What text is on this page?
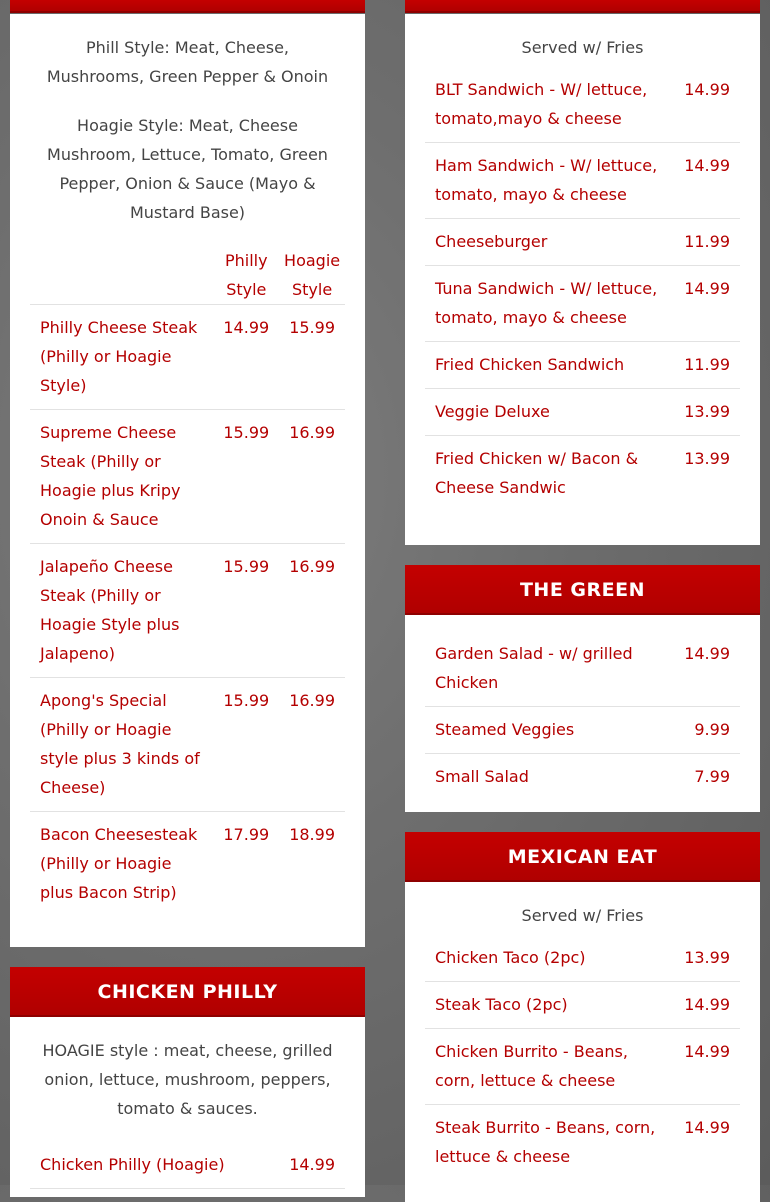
Phill Style: Meat, Cheese, Mushrooms, Green Pepper & Onoin

Hoagie Style: Meat, Cheese Mushroom, Lettuce, Tomato, Green Pepper, Onion & Sauce (Mayo & Mustard Base)

	Philly Style	Hoagie Style
Philly Cheese Steak (Philly or Hoagie Style)	14.99	15.99
Supreme Cheese Steak (Philly or Hoagie plus Kripy Onoin & Sauce	15.99	16.99
Jalapeño Cheese Steak (Philly or Hoagie Style plus Jalapeno)	15.99	16.99
Apong's Special (Philly or Hoagie style plus 3 kinds of Cheese)	15.99	16.99
Bacon Cheesesteak (Philly or Hoagie plus Bacon Strip)	17.99	18.99
CHICKEN PHILLY

HOAGIE style : meat, cheese, grilled onion, lettuce, mushroom, peppers, tomato & sauces.

Chicken Philly (Hoagie)	14.99

Served w/ Fries

BLT Sandwich - W/ lettuce, tomato,mayo & cheese	14.99
Ham Sandwich - W/ lettuce, tomato, mayo & cheese	14.99
Cheeseburger	11.99
Tuna Sandwich - W/ lettuce, tomato, mayo & cheese	14.99
Fried Chicken Sandwich	11.99
Veggie Deluxe	13.99
Fried Chicken w/ Bacon & Cheese Sandwic	13.99
THE GREEN
Garden Salad - w/ grilled Chicken	14.99
Steamed Veggies	9.99
Small Salad	7.99
MEXICAN EAT

Served w/ Fries

Chicken Taco (2pc)	13.99
Steak Taco (2pc)	14.99
Chicken Burrito - Beans, corn, lettuce & cheese	14.99
Steak Burrito - Beans, corn, lettuce & cheese	14.99
